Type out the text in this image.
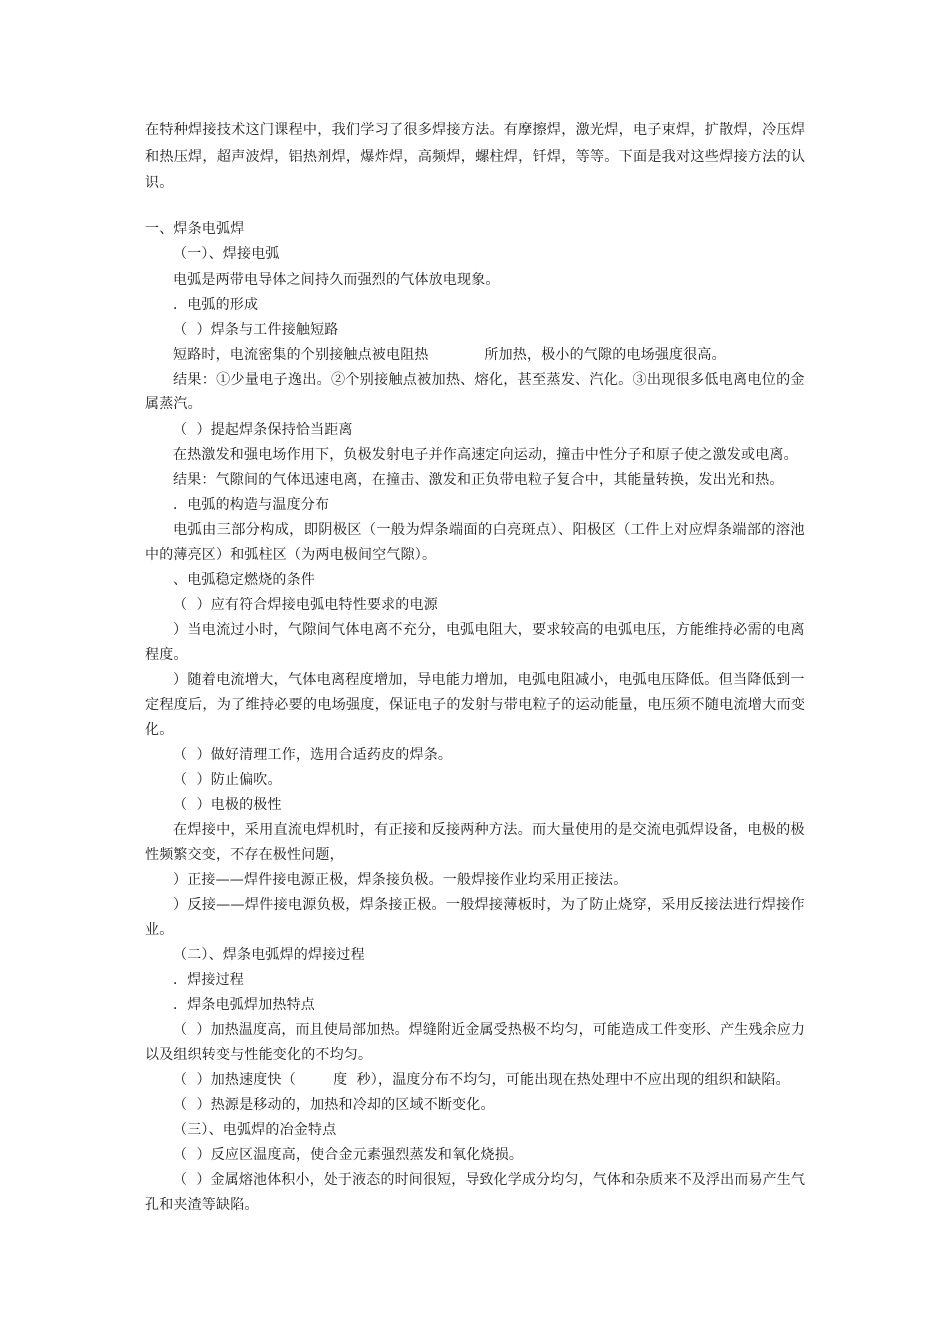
在特种焊接技术这门课程中，我们学习了很多焊接方法。有摩擦焊，激光焊，电子束焊，扩散焊，冷压焊
和热压焊，超声波焊，铝热剂焊，爆炸焊，高频焊，螺柱焊，钎焊，等等。下面是我对这些焊接方法的认
识。
一、焊条电弧焊
（一）、焊接电弧
电弧是两带电导体之间持久而强烈的气体放电现象。
．电弧的形成
（  ）焊条与工件接触短路
短路时，电流密集的个别接触点被电阻热            所加热，极小的气隙的电场强度很高。
结果：①少量电子逸出。②个别接触点被加热、熔化，甚至蒸发、汽化。③出现很多低电离电位的金
属蒸汽。
（  ）提起焊条保持恰当距离
在热激发和强电场作用下，负极发射电子并作高速定向运动，撞击中性分子和原子使之激发或电离。
结果：气隙间的气体迅速电离，在撞击、激发和正负带电粒子复合中，其能量转换，发出光和热。
．电弧的构造与温度分布
电弧由三部分构成，即阴极区（一般为焊条端面的白亮斑点）、阳极区（工件上对应焊条端部的溶池
中的薄亮区）和弧柱区（为两电极间空气隙）。
、电弧稳定燃烧的条件
（  ）应有符合焊接电弧电特性要求的电源
）当电流过小时，气隙间气体电离不充分，电弧电阻大，要求较高的电弧电压，方能维持必需的电离
程度。
）随着电流增大，气体电离程度增加，导电能力增加，电弧电阻减小，电弧电压降低。但当降低到一
定程度后，为了维持必要的电场强度，保证电子的发射与带电粒子的运动能量，电压须不随电流增大而变
化。
（  ）做好清理工作，选用合适药皮的焊条。
（  ）防止偏吹。
（  ）电极的极性
在焊接中，采用直流电焊机时，有正接和反接两种方法。而大量使用的是交流电弧焊设备，电极的极
性频繁交变，不存在极性问题，
）正接——焊件接电源正极，焊条接负极。一般焊接作业均采用正接法。
）反接——焊件接电源负极，焊条接正极。一般焊接薄板时，为了防止烧穿，采用反接法进行焊接作
业。
（二）、焊条电弧焊的焊接过程
．焊接过程
．焊条电弧焊加热特点
（  ）加热温度高，而且使局部加热。焊缝附近金属受热极不均匀，可能造成工件变形、产生残余应力
以及组织转变与性能变化的不均匀。
（  ）加热速度快（        度  秒），温度分布不均匀，可能出现在热处理中不应出现的组织和缺陷。
（  ）热源是移动的，加热和冷却的区域不断变化。
（三）、电弧焊的冶金特点
（  ）反应区温度高，使合金元素强烈蒸发和氧化烧损。
（  ）金属熔池体积小，处于液态的时间很短，导致化学成分均匀，气体和杂质来不及浮出而易产生气
孔和夹渣等缺陷。
